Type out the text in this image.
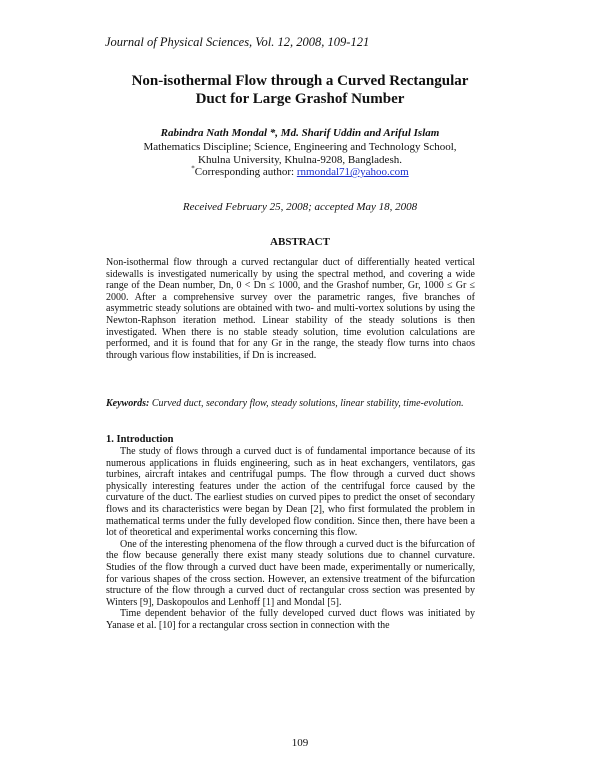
Journal of Physical Sciences, Vol. 12, 2008, 109-121
Non-isothermal Flow through a Curved Rectangular
Duct for Large Grashof Number
Rabindra Nath Mondal *, Md. Sharif Uddin and Ariful Islam
Mathematics Discipline; Science, Engineering and Technology School,
Khulna University, Khulna-9208, Bangladesh.
*Corresponding author: rnmondal71@yahoo.com
Received February 25, 2008; accepted May 18, 2008
ABSTRACT
Non-isothermal flow through a curved rectangular duct of differentially heated vertical sidewalls is investigated numerically by using the spectral method, and covering a wide range of the Dean number, Dn, 0 < Dn ≤ 1000, and the Grashof number, Gr, 1000 ≤ Gr ≤ 2000. After a comprehensive survey over the parametric ranges, five branches of asymmetric steady solutions are obtained with two- and multi-vortex solutions by using the Newton-Raphson iteration method. Linear stability of the steady solutions is then investigated. When there is no stable steady solution, time evolution calculations are performed, and it is found that for any Gr in the range, the steady flow turns into chaos through various flow instabilities, if Dn is increased.
Keywords: Curved duct, secondary flow, steady solutions, linear stability, time-evolution.
1. Introduction

The study of flows through a curved duct is of fundamental importance because of its numerous applications in fluids engineering, such as in heat exchangers, ventilators, gas turbines, aircraft intakes and centrifugal pumps. The flow through a curved duct shows physically interesting features under the action of the centrifugal force caused by the curvature of the duct. The earliest studies on curved pipes to predict the onset of secondary flows and its characteristics were began by Dean [2], who first formulated the problem in mathematical terms under the fully developed flow condition. Since then, there have been a lot of theoretical and experimental works concerning this flow.

One of the interesting phenomena of the flow through a curved duct is the bifurcation of the flow because generally there exist many steady solutions due to channel curvature. Studies of the flow through a curved duct have been made, experimentally or numerically, for various shapes of the cross section. However, an extensive treatment of the bifurcation structure of the flow through a curved duct of rectangular cross section was presented by Winters [9], Daskopoulos and Lenhoff [1] and Mondal [5].

Time dependent behavior of the fully developed curved duct flows was initiated by Yanase et al. [10] for a rectangular cross section in connection with the

109
